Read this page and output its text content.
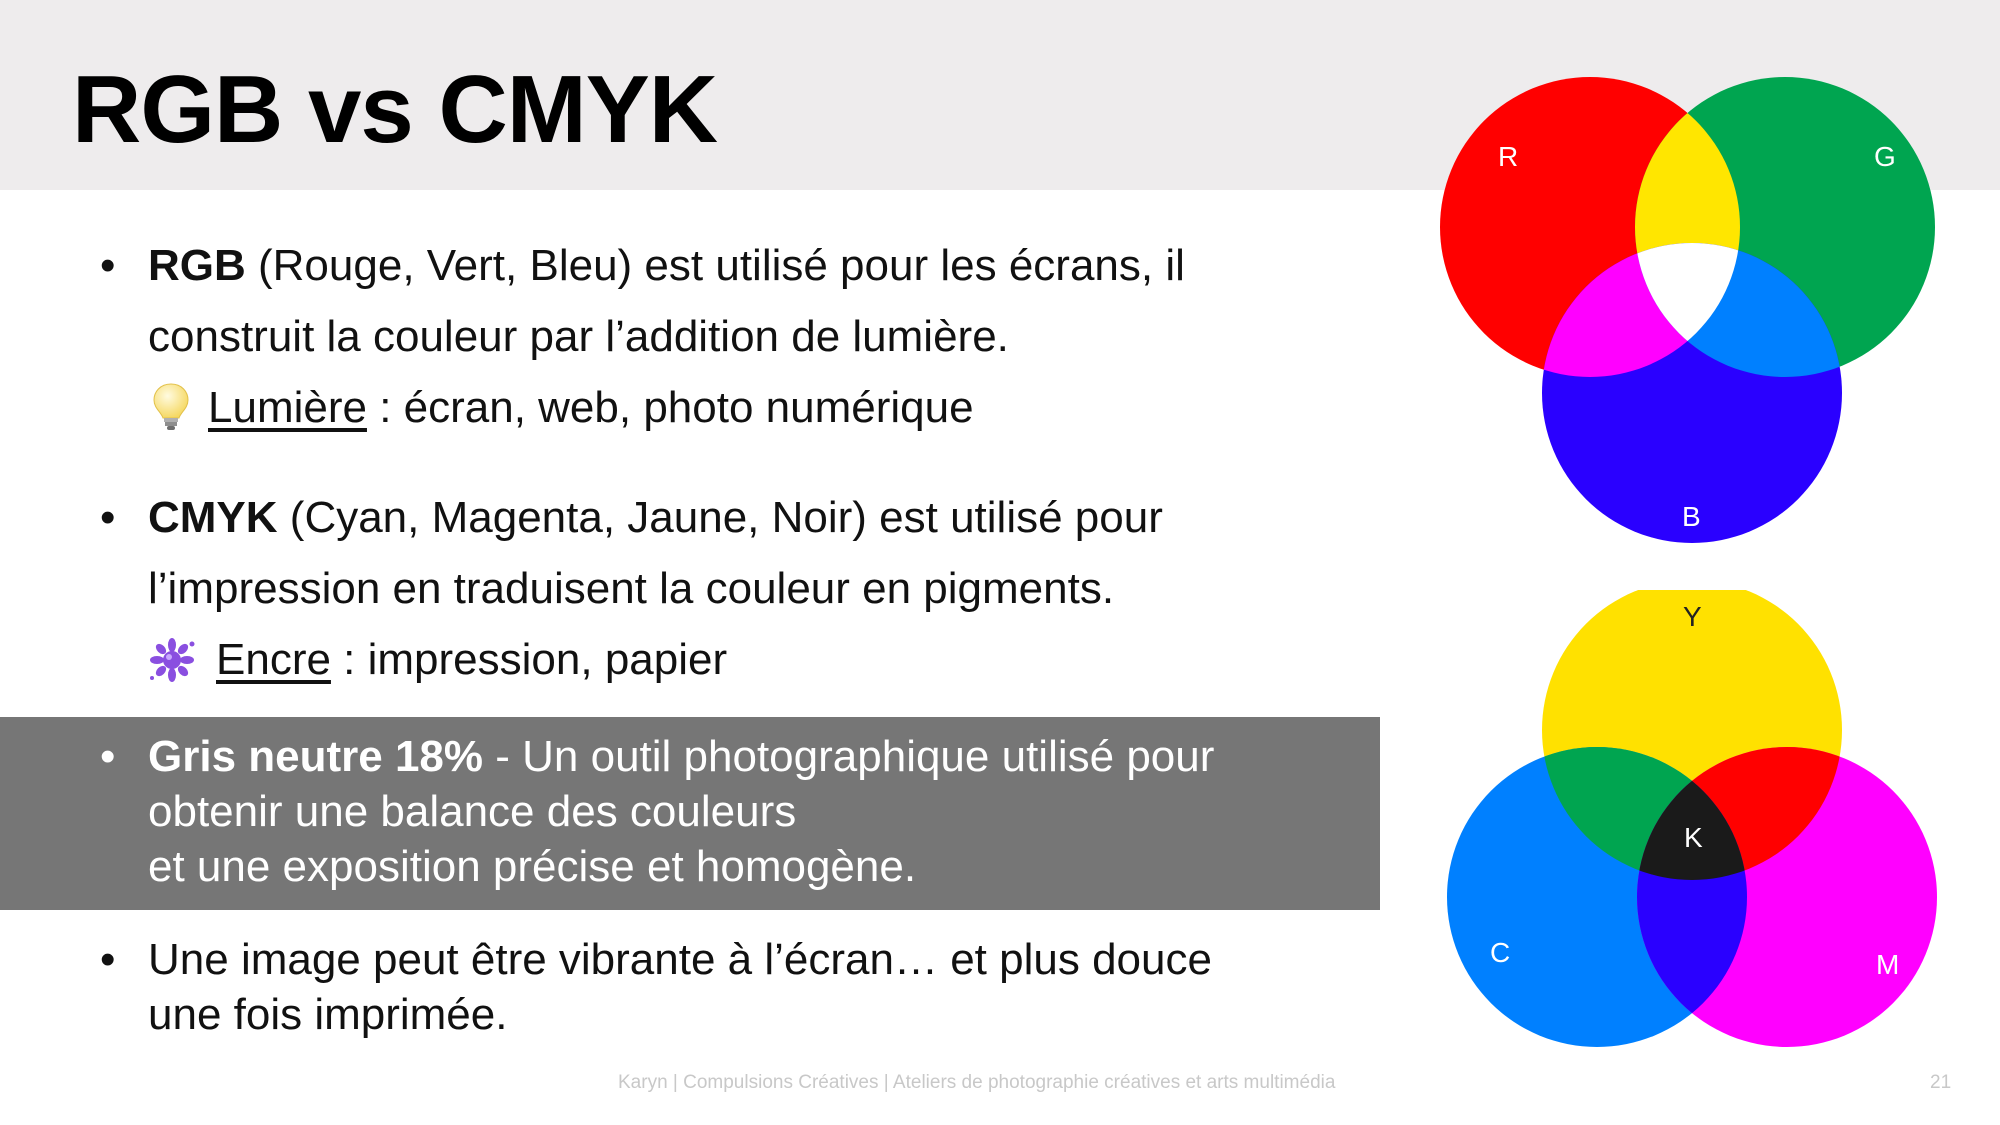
RGB vs CMYK
• RGB (Rouge, Vert, Bleu) est utilisé pour les écrans, il
construit la couleur par l’addition de lumière.
Lumière : écran, web, photo numérique
• CMYK (Cyan, Magenta, Jaune, Noir) est utilisé pour
l’impression en traduisent la couleur en pigments.
Encre : impression, papier
• Gris neutre 18% - Un outil photographique utilisé pour
obtenir une balance des couleurs
et une exposition précise et homogène.
• Une image peut être vibrante à l’écran… et plus douce
une fois imprimée.
Karyn | Compulsions Créatives | Ateliers de photographie créatives et arts multimédia	21
R	G
B
Y
C	M
K
